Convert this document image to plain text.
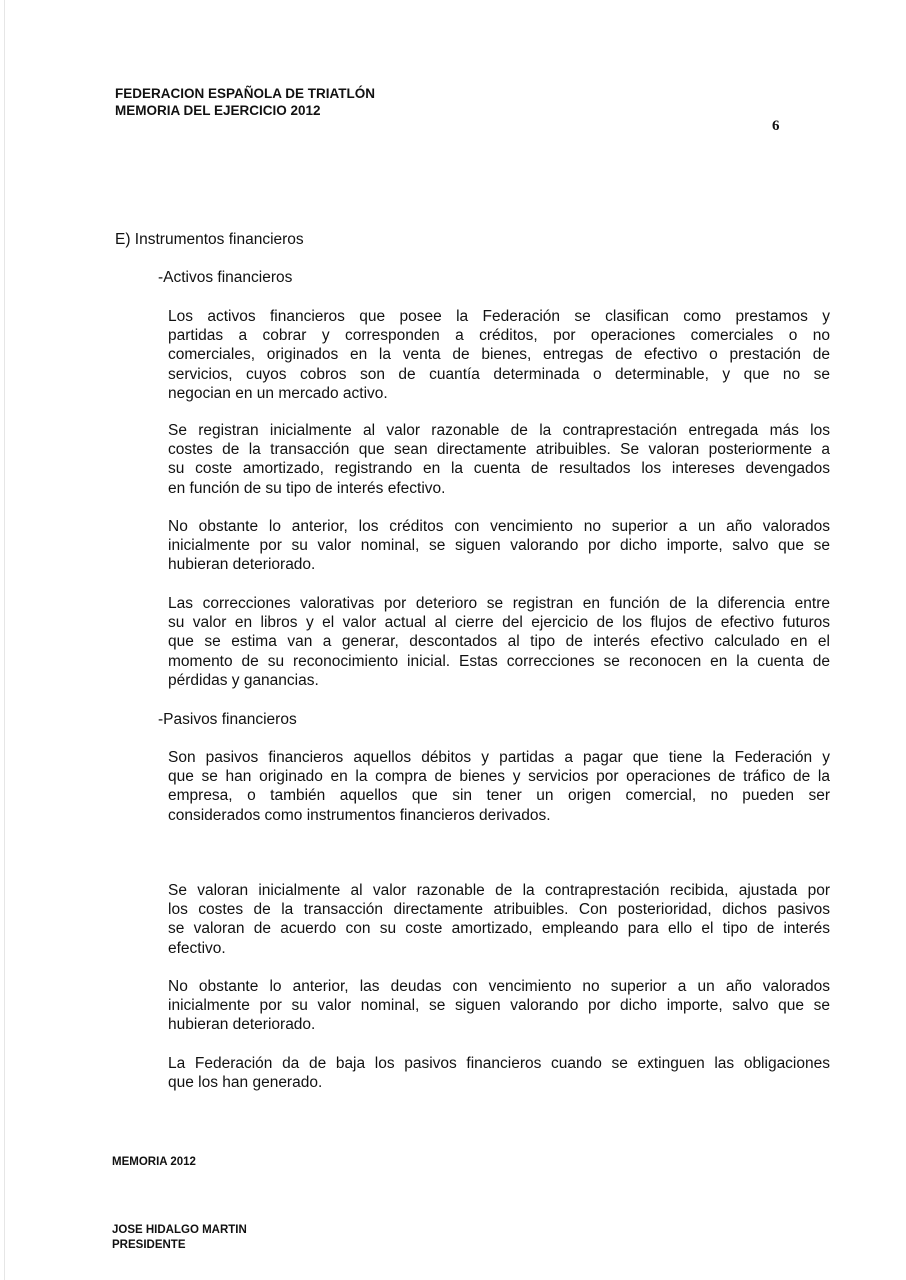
FEDERACION ESPAÑOLA DE TRIATLÓN
MEMORIA DEL EJERCICIO 2012
6
E) Instrumentos financieros
-Activos financieros
Los activos financieros que posee la Federación se clasifican como prestamos y
partidas a cobrar y corresponden a créditos, por operaciones comerciales o no
comerciales, originados en la venta de bienes, entregas de efectivo o prestación de
servicios, cuyos cobros son de cuantía determinada o determinable, y que no se
negocian en un mercado activo.
Se registran inicialmente al valor razonable de la contraprestación entregada más los
costes de la transacción que sean directamente atribuibles. Se valoran posteriormente a
su coste amortizado, registrando en la cuenta de resultados los intereses devengados
en función de su tipo de interés efectivo.
No obstante lo anterior, los créditos con vencimiento no superior a un año valorados
inicialmente por su valor nominal, se siguen valorando por dicho importe, salvo que se
hubieran deteriorado.
Las correcciones valorativas por deterioro se registran en función de la diferencia entre
su valor en libros y el valor actual al cierre del ejercicio de los flujos de efectivo futuros
que se estima van a generar, descontados al tipo de interés efectivo calculado en el
momento de su reconocimiento inicial. Estas correcciones se reconocen en la cuenta de
pérdidas y ganancias.
-Pasivos financieros
Son pasivos financieros aquellos débitos y partidas a pagar que tiene la Federación y
que se han originado en la compra de bienes y servicios por operaciones de tráfico de la
empresa, o también aquellos que sin tener un origen comercial, no pueden ser
considerados como instrumentos financieros derivados.
Se valoran inicialmente al valor razonable de la contraprestación recibida, ajustada por
los costes de la transacción directamente atribuibles. Con posterioridad, dichos pasivos
se valoran de acuerdo con su coste amortizado, empleando para ello el tipo de interés
efectivo.
No obstante lo anterior, las deudas con vencimiento no superior a un año valorados
inicialmente por su valor nominal, se siguen valorando por dicho importe, salvo que se
hubieran deteriorado.
La Federación da de baja los pasivos financieros cuando se extinguen las obligaciones
que los han generado.
MEMORIA 2012
JOSE HIDALGO MARTIN
PRESIDENTE
